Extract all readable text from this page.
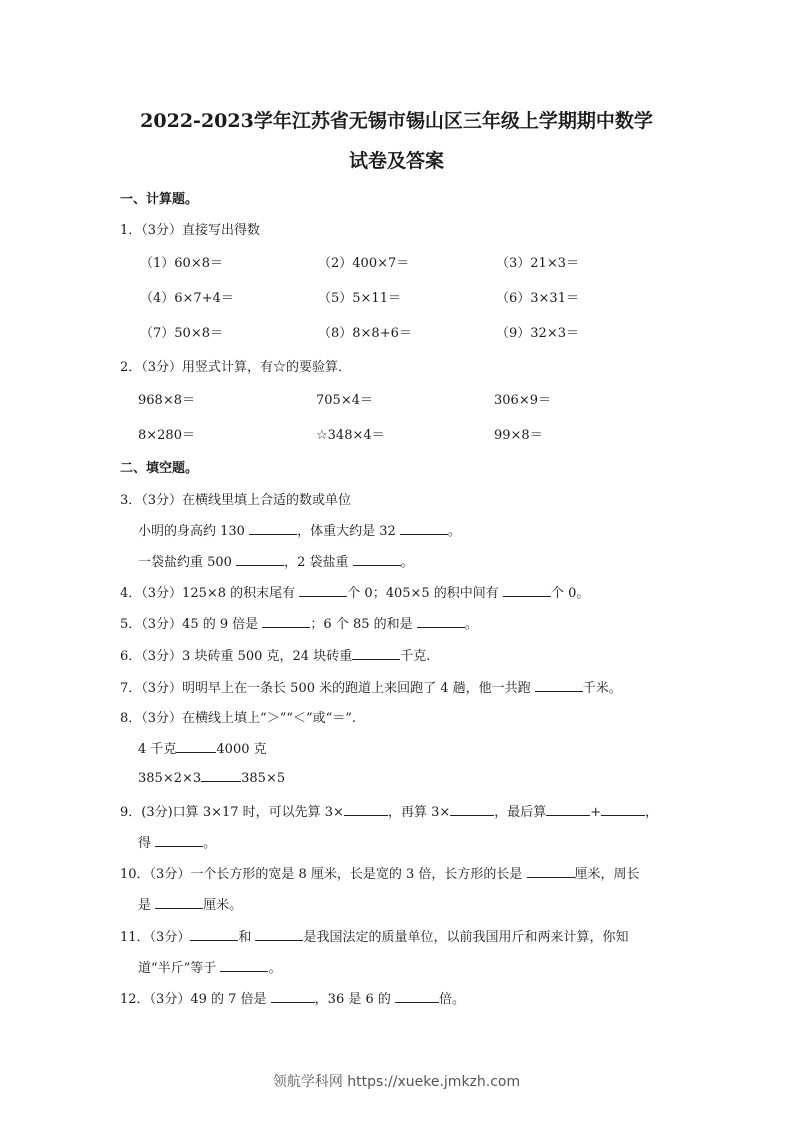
2022-2023学年江苏省无锡市锡山区三年级上学期期中数学
试卷及答案
一、计算题。
1．（3分）直接写出得数
（1）60×8＝	（2）400×7＝	（3）21×3＝
（4）6×7+4＝	（5）5×11＝	（6）3×31＝
（7）50×8＝	（8）8×8+6＝	（9）32×3＝
2．（3分）用竖式计算，有☆的要验算．
968×8＝	705×4＝	306×9＝
8×280＝	☆348×4＝	99×8＝
二、填空题。
3．（3分）在横线里填上合适的数或单位
小明的身高约 130	，体重大约是 32	。
一袋盐约重 500	，2 袋盐重	。
4．（3分）125×8 的积末尾有	个 0；405×5 的积中间有	个 0。
5．（3分）45 的 9 倍是	；6 个 85 的和是	。
6．（3分）3 块砖重 500 克，24 块砖重	千克.
7．（3分）明明早上在一条长 500 米的跑道上来回跑了 4 趟，他一共跑	千米。
8．（3分）在横线上填上“＞”“＜”或“＝”.
4 千克	4000 克
385×2×3	385×5
9．(3分)口算 3×17 时，可以先算 3×	，再算 3×	，最后算	+	，
得	。
10．（3分）一个长方形的宽是 8 厘米，长是宽的 3 倍，长方形的长是	厘米，周长
是	厘米。
11．（3分）	和	是我国法定的质量单位，以前我国用斤和两来计算，你知
道“半斤”等于	。
12．（3分）49 的 7 倍是	，36 是 6 的	倍。
领航学科网 https://xueke.jmkzh.com
